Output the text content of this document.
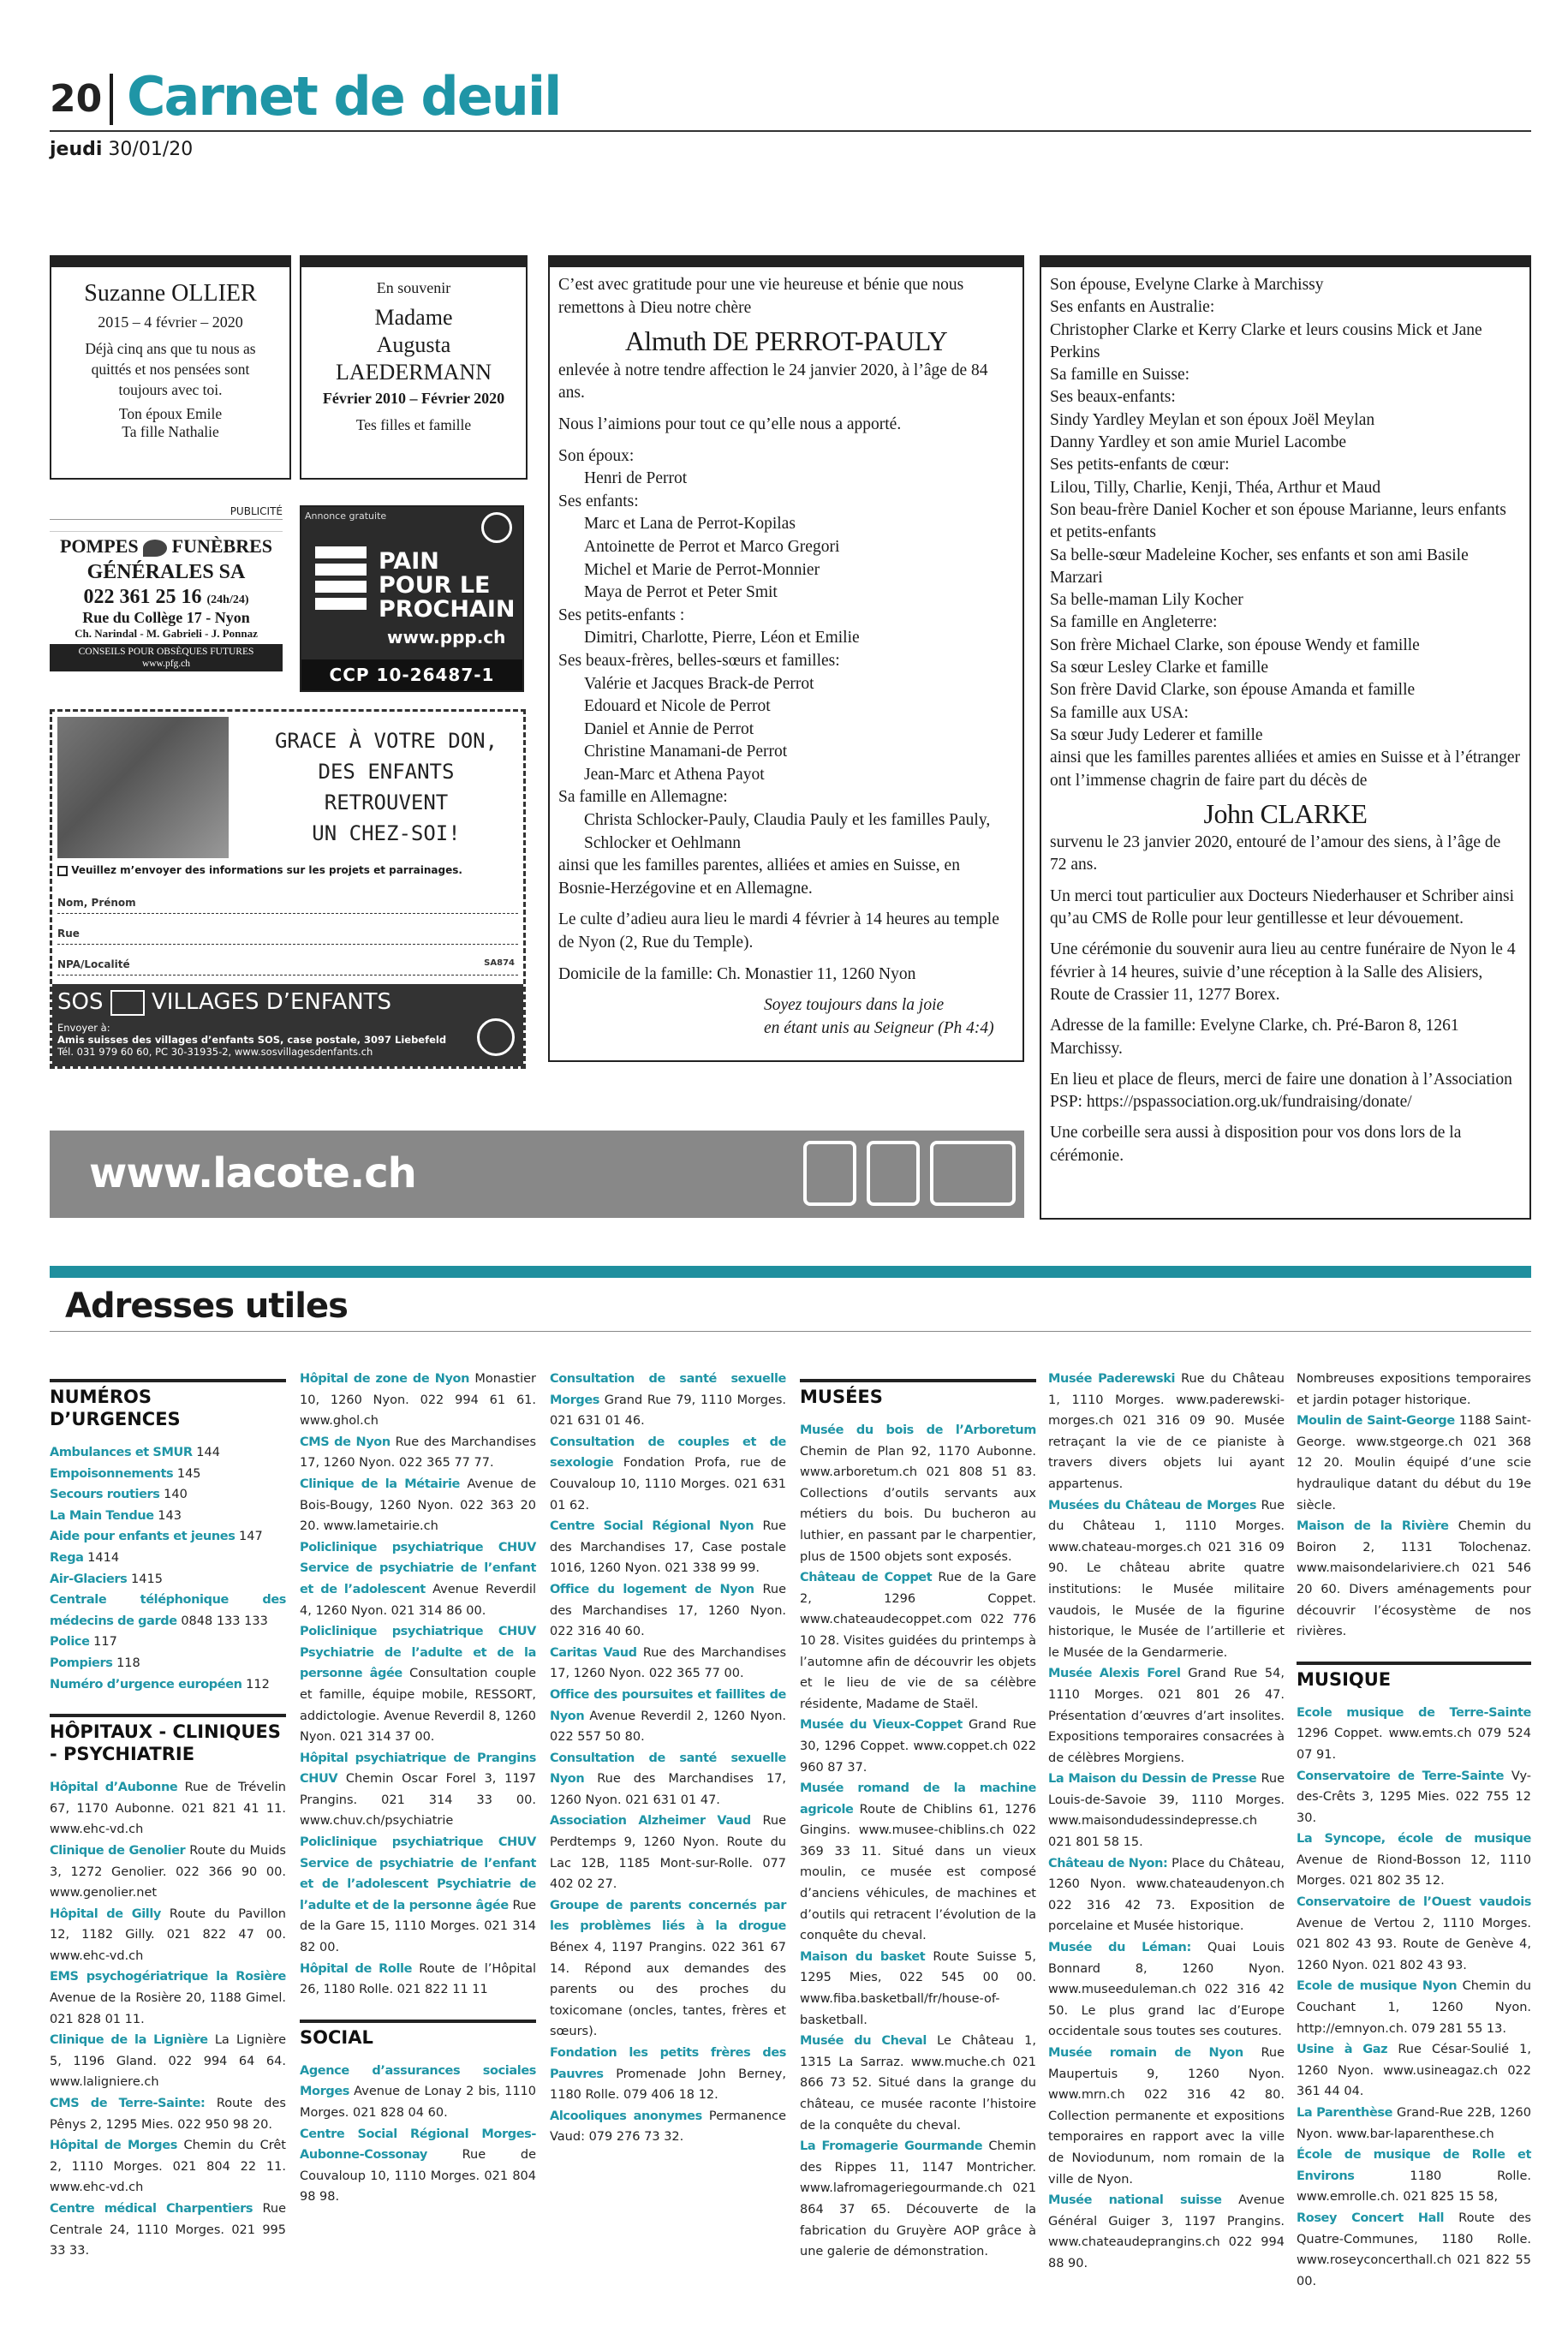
20 Carnet de deuil
jeudi 30/01/20
Suzanne OLLIER
2015 – 4 février – 2020
Déjà cinq ans que tu nous as quittés et nos pensées sont toujours avec toi.
Ton époux Emile
Ta fille Nathalie
En souvenir
Madame
Augusta
LAEDERMANN
Février 2010 – Février 2020
Tes filles et famille
C’est avec gratitude pour une vie heureuse et bénie que nous remettons à Dieu notre chère
Almuth DE PERROT-PAULY
enlevée à notre tendre affection le 24 janvier 2020, à l’âge de 84 ans.
Nous l’aimions pour tout ce qu’elle nous a apporté.
Son époux:
Henri de Perrot
Ses enfants:
Marc et Lana de Perrot-Kopilas
Antoinette de Perrot et Marco Gregori
Michel et Marie de Perrot-Monnier
Maya de Perrot et Peter Smit
Ses petits-enfants :
Dimitri, Charlotte, Pierre, Léon et Emilie
Ses beaux-frères, belles-sœurs et familles:
Valérie et Jacques Brack-de Perrot
Edouard et Nicole de Perrot
Daniel et Annie de Perrot
Christine Manamani-de Perrot
Jean-Marc et Athena Payot
Sa famille en Allemagne:
Christa Schlocker-Pauly, Claudia Pauly et les familles Pauly, Schlocker et Oehlmann
ainsi que les familles parentes, alliées et amies en Suisse, en Bosnie-Herzégovine et en Allemagne.
Le culte d’adieu aura lieu le mardi 4 février à 14 heures au temple de Nyon (2, Rue du Temple).
Domicile de la famille: Ch. Monastier 11, 1260 Nyon
Soyez toujours dans la joie
en étant unis au Seigneur (Ph 4:4)
Son épouse, Evelyne Clarke à Marchissy
Ses enfants en Australie:
Christopher Clarke et Kerry Clarke et leurs cousins Mick et Jane Perkins
Sa famille en Suisse:
Ses beaux-enfants:
Sindy Yardley Meylan et son époux Joël Meylan
Danny Yardley et son amie Muriel Lacombe
Ses petits-enfants de cœur:
Lilou, Tilly, Charlie, Kenji, Théa, Arthur et Maud
Son beau-frère Daniel Kocher et son épouse Marianne, leurs enfants et petits-enfants
Sa belle-sœur Madeleine Kocher, ses enfants et son ami Basile Marzari
Sa belle-maman Lily Kocher
Sa famille en Angleterre:
Son frère Michael Clarke, son épouse Wendy et famille
Sa sœur Lesley Clarke et famille
Son frère David Clarke, son épouse Amanda et famille
Sa famille aux USA:
Sa sœur Judy Lederer et famille
ainsi que les familles parentes alliées et amies en Suisse et à l’étranger ont l’immense chagrin de faire part du décès de
John CLARKE
survenu le 23 janvier 2020, entouré de l’amour des siens, à l’âge de 72 ans.
Un merci tout particulier aux Docteurs Niederhauser et Schriber ainsi qu’au CMS de Rolle pour leur gentillesse et leur dévouement.
Une cérémonie du souvenir aura lieu au centre funéraire de Nyon le 4 février à 14 heures, suivie d’une réception à la Salle des Alisiers, Route de Crassier 11, 1277 Borex.
Adresse de la famille: Evelyne Clarke, ch. Pré-Baron 8, 1261 Marchissy.
En lieu et place de fleurs, merci de faire une donation à l’Association PSP: https://pspassociation.org.uk/fundraising/donate/
Une corbeille sera aussi à disposition pour vos dons lors de la cérémonie.
PUBLICITÉ
POMPES FUNÈBRES
GÉNÉRALES SA
022 361 25 16 (24h/24)
Rue du Collège 17 - Nyon
Ch. Narindal - M. Gabrieli - J. Ponnaz
CONSEILS POUR OBSÈQUES FUTURES
www.pfg.ch
Annonce gratuite
PAIN
POUR LE
PROCHAIN
www.ppp.ch
CCP 10-26487-1
GRACE À VOTRE DON,
DES ENFANTS
RETROUVENT
UN CHEZ-SOI!
Veuillez m’envoyer des informations sur les projets et parrainages.
Nom, Prénom
Rue
NPA/Localité	SA874
SOS VILLAGES D’ENFANTS
Envoyer à:
Amis suisses des villages d’enfants SOS, case postale, 3097 Liebefeld
Tél. 031 979 60 60, PC 30-31935-2, www.sosvillagesdenfants.ch
www.lacote.ch
Adresses utiles
NUMÉROS D’URGENCES

Ambulances et SMUR 144

Empoisonnements 145

Secours routiers 140

La Main Tendue 143

Aide pour enfants et jeunes 147

Rega 1414

Air-Glaciers 1415

Centrale téléphonique des médecins de garde 0848 133 133

Police 117

Pompiers 118

Numéro d’urgence européen 112

HÔPITAUX - CLINIQUES - PSYCHIATRIE

Hôpital d’Aubonne Rue de Trévelin 67, 1170 Aubonne. 021 821 41 11. www.ehc-vd.ch

Clinique de Genolier Route du Muids 3, 1272 Genolier. 022 366 90 00. www.genolier.net

Hôpital de Gilly Route du Pavillon 12, 1182 Gilly. 021 822 47 00. www.ehc-vd.ch

EMS psychogériatrique la Rosière Avenue de la Rosière 20, 1188 Gimel. 021 828 01 11.

Clinique de la Lignière La Lignière 5, 1196 Gland. 022 994 64 64. www.laligniere.ch

CMS de Terre-Sainte: Route des Pênys 2, 1295 Mies. 022 950 98 20.

Hôpital de Morges Chemin du Crêt 2, 1110 Morges. 021 804 22 11. www.ehc-vd.ch

Centre médical Charpentiers Rue Centrale 24, 1110 Morges. 021 995 33 33.

Hôpital de zone de Nyon Monastier 10, 1260 Nyon. 022 994 61 61. www.ghol.ch

CMS de Nyon Rue des Marchandises 17, 1260 Nyon. 022 365 77 77.

Clinique de la Métairie Avenue de Bois-Bougy, 1260 Nyon. 022 363 20 20. www.lametairie.ch

Policlinique psychiatrique CHUV Service de psychiatrie de l’enfant et de l’adolescent Avenue Reverdil 4, 1260 Nyon. 021 314 86 00.

Policlinique psychiatrique CHUV Psychiatrie de l’adulte et de la personne âgée Consultation couple et famille, équipe mobile, RESSORT, addictologie. Avenue Reverdil 8, 1260 Nyon. 021 314 37 00.

Hôpital psychiatrique de Prangins CHUV Chemin Oscar Forel 3, 1197 Prangins. 021 314 33 00. www.chuv.ch/psychiatrie

Policlinique psychiatrique CHUV Service de psychiatrie de l’enfant et de l’adolescent Psychiatrie de l’adulte et de la personne âgée Rue de la Gare 15, 1110 Morges. 021 314 82 00.

Hôpital de Rolle Route de l’Hôpital 26, 1180 Rolle. 021 822 11 11

SOCIAL

Agence d’assurances sociales Morges Avenue de Lonay 2 bis, 1110 Morges. 021 828 04 60.

Centre Social Régional Morges-Aubonne-Cossonay Rue de Couvaloup 10, 1110 Morges. 021 804 98 98.

Consultation de santé sexuelle Morges Grand Rue 79, 1110 Morges. 021 631 01 46.

Consultation de couples et de sexologie Fondation Profa, rue de Couvaloup 10, 1110 Morges. 021 631 01 62.

Centre Social Régional Nyon Rue des Marchandises 17, Case postale 1016, 1260 Nyon. 021 338 99 99.

Office du logement de Nyon Rue des Marchandises 17, 1260 Nyon. 022 316 40 60.

Caritas Vaud Rue des Marchandises 17, 1260 Nyon. 022 365 77 00.

Office des poursuites et faillites de Nyon Avenue Reverdil 2, 1260 Nyon. 022 557 50 80.

Consultation de santé sexuelle Nyon Rue des Marchandises 17, 1260 Nyon. 021 631 01 47.

Association Alzheimer Vaud Rue Perdtemps 9, 1260 Nyon. Route du Lac 12B, 1185 Mont-sur-Rolle. 077 402 02 27.

Groupe de parents concernés par les problèmes liés à la drogue Bénex 4, 1197 Prangins. 022 361 67 14. Répond aux demandes des parents ou des proches du toxicomane (oncles, tantes, frères et sœurs).

Fondation les petits frères des Pauvres Promenade John Berney, 1180 Rolle. 079 406 18 12.

Alcooliques anonymes Permanence Vaud: 079 276 73 32.

MUSÉES

Musée du bois de l’Arboretum Chemin de Plan 92, 1170 Aubonne. www.arboretum.ch 021 808 51 83. Collections d’outils servants aux métiers du bois. Du bucheron au luthier, en passant par le charpentier, plus de 1500 objets sont exposés.

Château de Coppet Rue de la Gare 2, 1296 Coppet. www.chateaudecoppet.com 022 776 10 28. Visites guidées du printemps à l’automne afin de découvrir les objets et le lieu de vie de sa célèbre résidente, Madame de Staël.

Musée du Vieux-Coppet Grand Rue 30, 1296 Coppet. www.coppet.ch 022 960 87 37.

Musée romand de la machine agricole Route de Chiblins 61, 1276 Gingins. www.musee-chiblins.ch 022 369 33 11. Situé dans un vieux moulin, ce musée est composé d’anciens véhicules, de machines et d’outils qui retracent l’évolution de la conquête du cheval.

Maison du basket Route Suisse 5, 1295 Mies, 022 545 00 00. www.fiba.basketball/fr/house-of-basketball.

Musée du Cheval Le Château 1, 1315 La Sarraz. www.muche.ch 021 866 73 52. Situé dans la grange du château, ce musée raconte l’histoire de la conquête du cheval.

La Fromagerie Gourmande Chemin des Rippes 11, 1147 Montricher. www.lafromageriegourmande.ch 021 864 37 65. Découverte de la fabrication du Gruyère AOP grâce à une galerie de démonstration.

Musée Paderewski Rue du Château 1, 1110 Morges. www.paderewski-morges.ch 021 316 09 90. Musée retraçant la vie de ce pianiste à travers divers objets lui ayant appartenus.

Musées du Château de Morges Rue du Château 1, 1110 Morges. www.chateau-morges.ch 021 316 09 90. Le château abrite quatre institutions: le Musée militaire vaudois, le Musée de la figurine historique, le Musée de l’artillerie et le Musée de la Gendarmerie.

Musée Alexis Forel Grand Rue 54, 1110 Morges. 021 801 26 47. Présentation d’œuvres d’art insolites. Expositions temporaires consacrées à de célèbres Morgiens.

La Maison du Dessin de Presse Rue Louis-de-Savoie 39, 1110 Morges. www.maisondudessindepresse.ch 021 801 58 15.

Château de Nyon: Place du Château, 1260 Nyon. www.chateaudenyon.ch 022 316 42 73. Exposition de porcelaine et Musée historique.

Musée du Léman: Quai Louis Bonnard 8, 1260 Nyon. www.museeduleman.ch 022 316 42 50. Le plus grand lac d’Europe occidentale sous toutes ses coutures.

Musée romain de Nyon Rue Maupertuis 9, 1260 Nyon. www.mrn.ch 022 316 42 80. Collection permanente et expositions temporaires en rapport avec la ville de Noviodunum, nom romain de la ville de Nyon.

Musée national suisse Avenue Général Guiger 3, 1197 Prangins. www.chateaudeprangins.ch 022 994 88 90.

Nombreuses expositions temporaires et jardin potager historique.

Moulin de Saint-George 1188 Saint-George. www.stgeorge.ch 021 368 12 20. Moulin équipé d’une scie hydraulique datant du début du 19e siècle.

Maison de la Rivière Chemin du Boiron 2, 1131 Tolochenaz. www.maisondelariviere.ch 021 546 20 60. Divers aménagements pour découvrir l’écosystème de nos rivières.

MUSIQUE

Ecole musique de Terre-Sainte 1296 Coppet. www.emts.ch 079 524 07 91.

Conservatoire de Terre-Sainte Vy-des-Crêts 3, 1295 Mies. 022 755 12 30.

La Syncope, école de musique Avenue de Riond-Bosson 12, 1110 Morges. 021 802 35 12.

Conservatoire de l’Ouest vaudois Avenue de Vertou 2, 1110 Morges. 021 802 43 93. Route de Genève 4, 1260 Nyon. 021 802 43 93.

Ecole de musique Nyon Chemin du Couchant 1, 1260 Nyon. http://emnyon.ch. 079 281 55 13.

Usine à Gaz Rue César-Soulié 1, 1260 Nyon. www.usineagaz.ch 022 361 44 04.

La Parenthèse Grand-Rue 22B, 1260 Nyon. www.bar-laparenthese.ch

École de musique de Rolle et Environs 1180 Rolle. www.emrolle.ch. 021 825 15 58,

Rosey Concert Hall Route des Quatre-Communes, 1180 Rolle. www.roseyconcerthall.ch 021 822 55 00.
